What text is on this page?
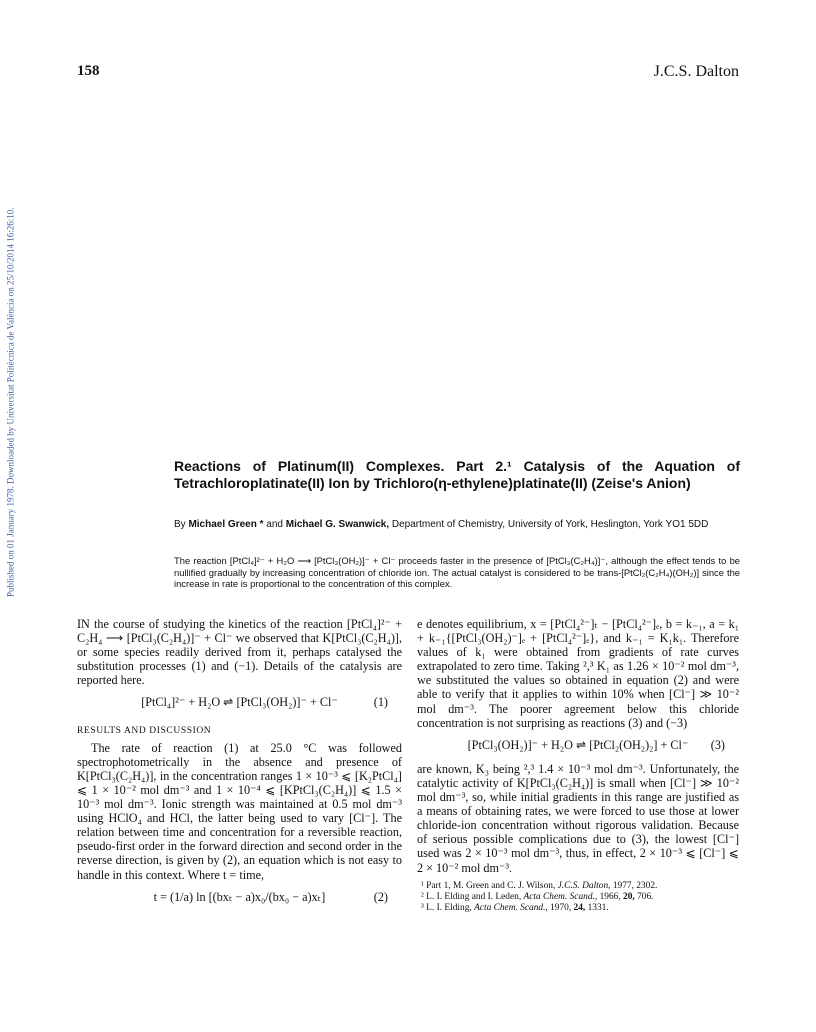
158	J.C.S. Dalton
Published on 01 January 1978. Downloaded by Universitat Politècnica de València on 25/10/2014 16:26:10.	Reactions of Platinum(II) Complexes. Part 2.¹ Catalysis of the Aquation of Tetrachloroplatinate(II) Ion by Trichloro(η-ethylene)platinate(II) (Zeise's Anion)
By Michael Green * and Michael G. Swanwick, Department of Chemistry, University of York, Heslington, York YO1 5DD
The reaction [PtCl₄]²⁻ + H₂O ⟶ [PtCl₃(OH₂)]⁻ + Cl⁻ proceeds faster in the presence of [PtCl₃(C₂H₄)]⁻, although the effect tends to be nullified gradually by increasing concentration of chloride ion. The actual catalyst is considered to be trans-[PtCl₂(C₂H₄)(OH₂)] since the increase in rate is proportional to the concentration of this complex.

IN the course of studying the kinetics of the reaction [PtCl₄]²⁻ + C₂H₄ ⟶ [PtCl₃(C₂H₄)]⁻ + Cl⁻ we observed that K[PtCl₃(C₂H₄)], or some species readily derived from it, perhaps catalysed the substitution processes (1) and (−1). Details of the catalysis are reported here.

[PtCl₄]²⁻ + H₂O ⇌ [PtCl₃(OH₂)]⁻ + Cl⁻	(1)
RESULTS AND DISCUSSION

The rate of reaction (1) at 25.0 °C was followed spectrophotometrically in the absence and presence of K[PtCl₃(C₂H₄)], in the concentration ranges 1 × 10⁻³ ⩽ [K₂PtCl₄] ⩽ 1 × 10⁻² mol dm⁻³ and 1 × 10⁻⁴ ⩽ [KPtCl₃(C₂H₄)] ⩽ 1.5 × 10⁻³ mol dm⁻³. Ionic strength was maintained at 0.5 mol dm⁻³ using HClO₄ and HCl, the latter being used to vary [Cl⁻]. The relation between time and concentration for a reversible reaction, pseudo-first order in the forward direction and second order in the reverse direction, is given by (2), an equation which is not easy to handle in this context. Where t = time,

t = (1/a) ln [(bxₜ − a)x₀/(bx₀ − a)xₜ]	(2)

e denotes equilibrium, x = [PtCl₄²⁻]ₜ − [PtCl₄²⁻]ₑ, b = k₋₁, a = k₁ + k₋₁{[PtCl₃(OH₂)⁻]ₑ + [PtCl₄²⁻]ₑ}, and k₋₁ = K₁k₁. Therefore values of k₁ were obtained from gradients of rate curves extrapolated to zero time. Taking ²,³ K₁ as 1.26 × 10⁻² mol dm⁻³, we substituted the values so obtained in equation (2) and were able to verify that it applies to within 10% when [Cl⁻] ≫ 10⁻² mol dm⁻³. The poorer agreement below this chloride concentration is not surprising as reactions (3) and (−3)

[PtCl₃(OH₂)]⁻ + H₂O ⇌ [PtCl₂(OH₂)₂] + Cl⁻ (3)

are known, K₃ being ²,³ 1.4 × 10⁻³ mol dm⁻³. Unfortunately, the catalytic activity of K[PtCl₃(C₂H₄)] is small when [Cl⁻] ≫ 10⁻² mol dm⁻³, so, while initial gradients in this range are justified as a means of obtaining rates, we were forced to use those at lower chloride-ion concentration without rigorous validation. Because of serious possible complications due to (3), the lowest [Cl⁻] used was 2 × 10⁻³ mol dm⁻³, thus, in effect, 2 × 10⁻³ ⩽ [Cl⁻] ⩽ 2 × 10⁻² mol dm⁻³.

¹ Part 1, M. Green and C. J. Wilson, J.C.S. Dalton, 1977, 2302.
² L. I. Elding and I. Leden, Acta Chem. Scand., 1966, 20, 706.
³ L. I. Elding, Acta Chem. Scand., 1970, 24, 1331.
